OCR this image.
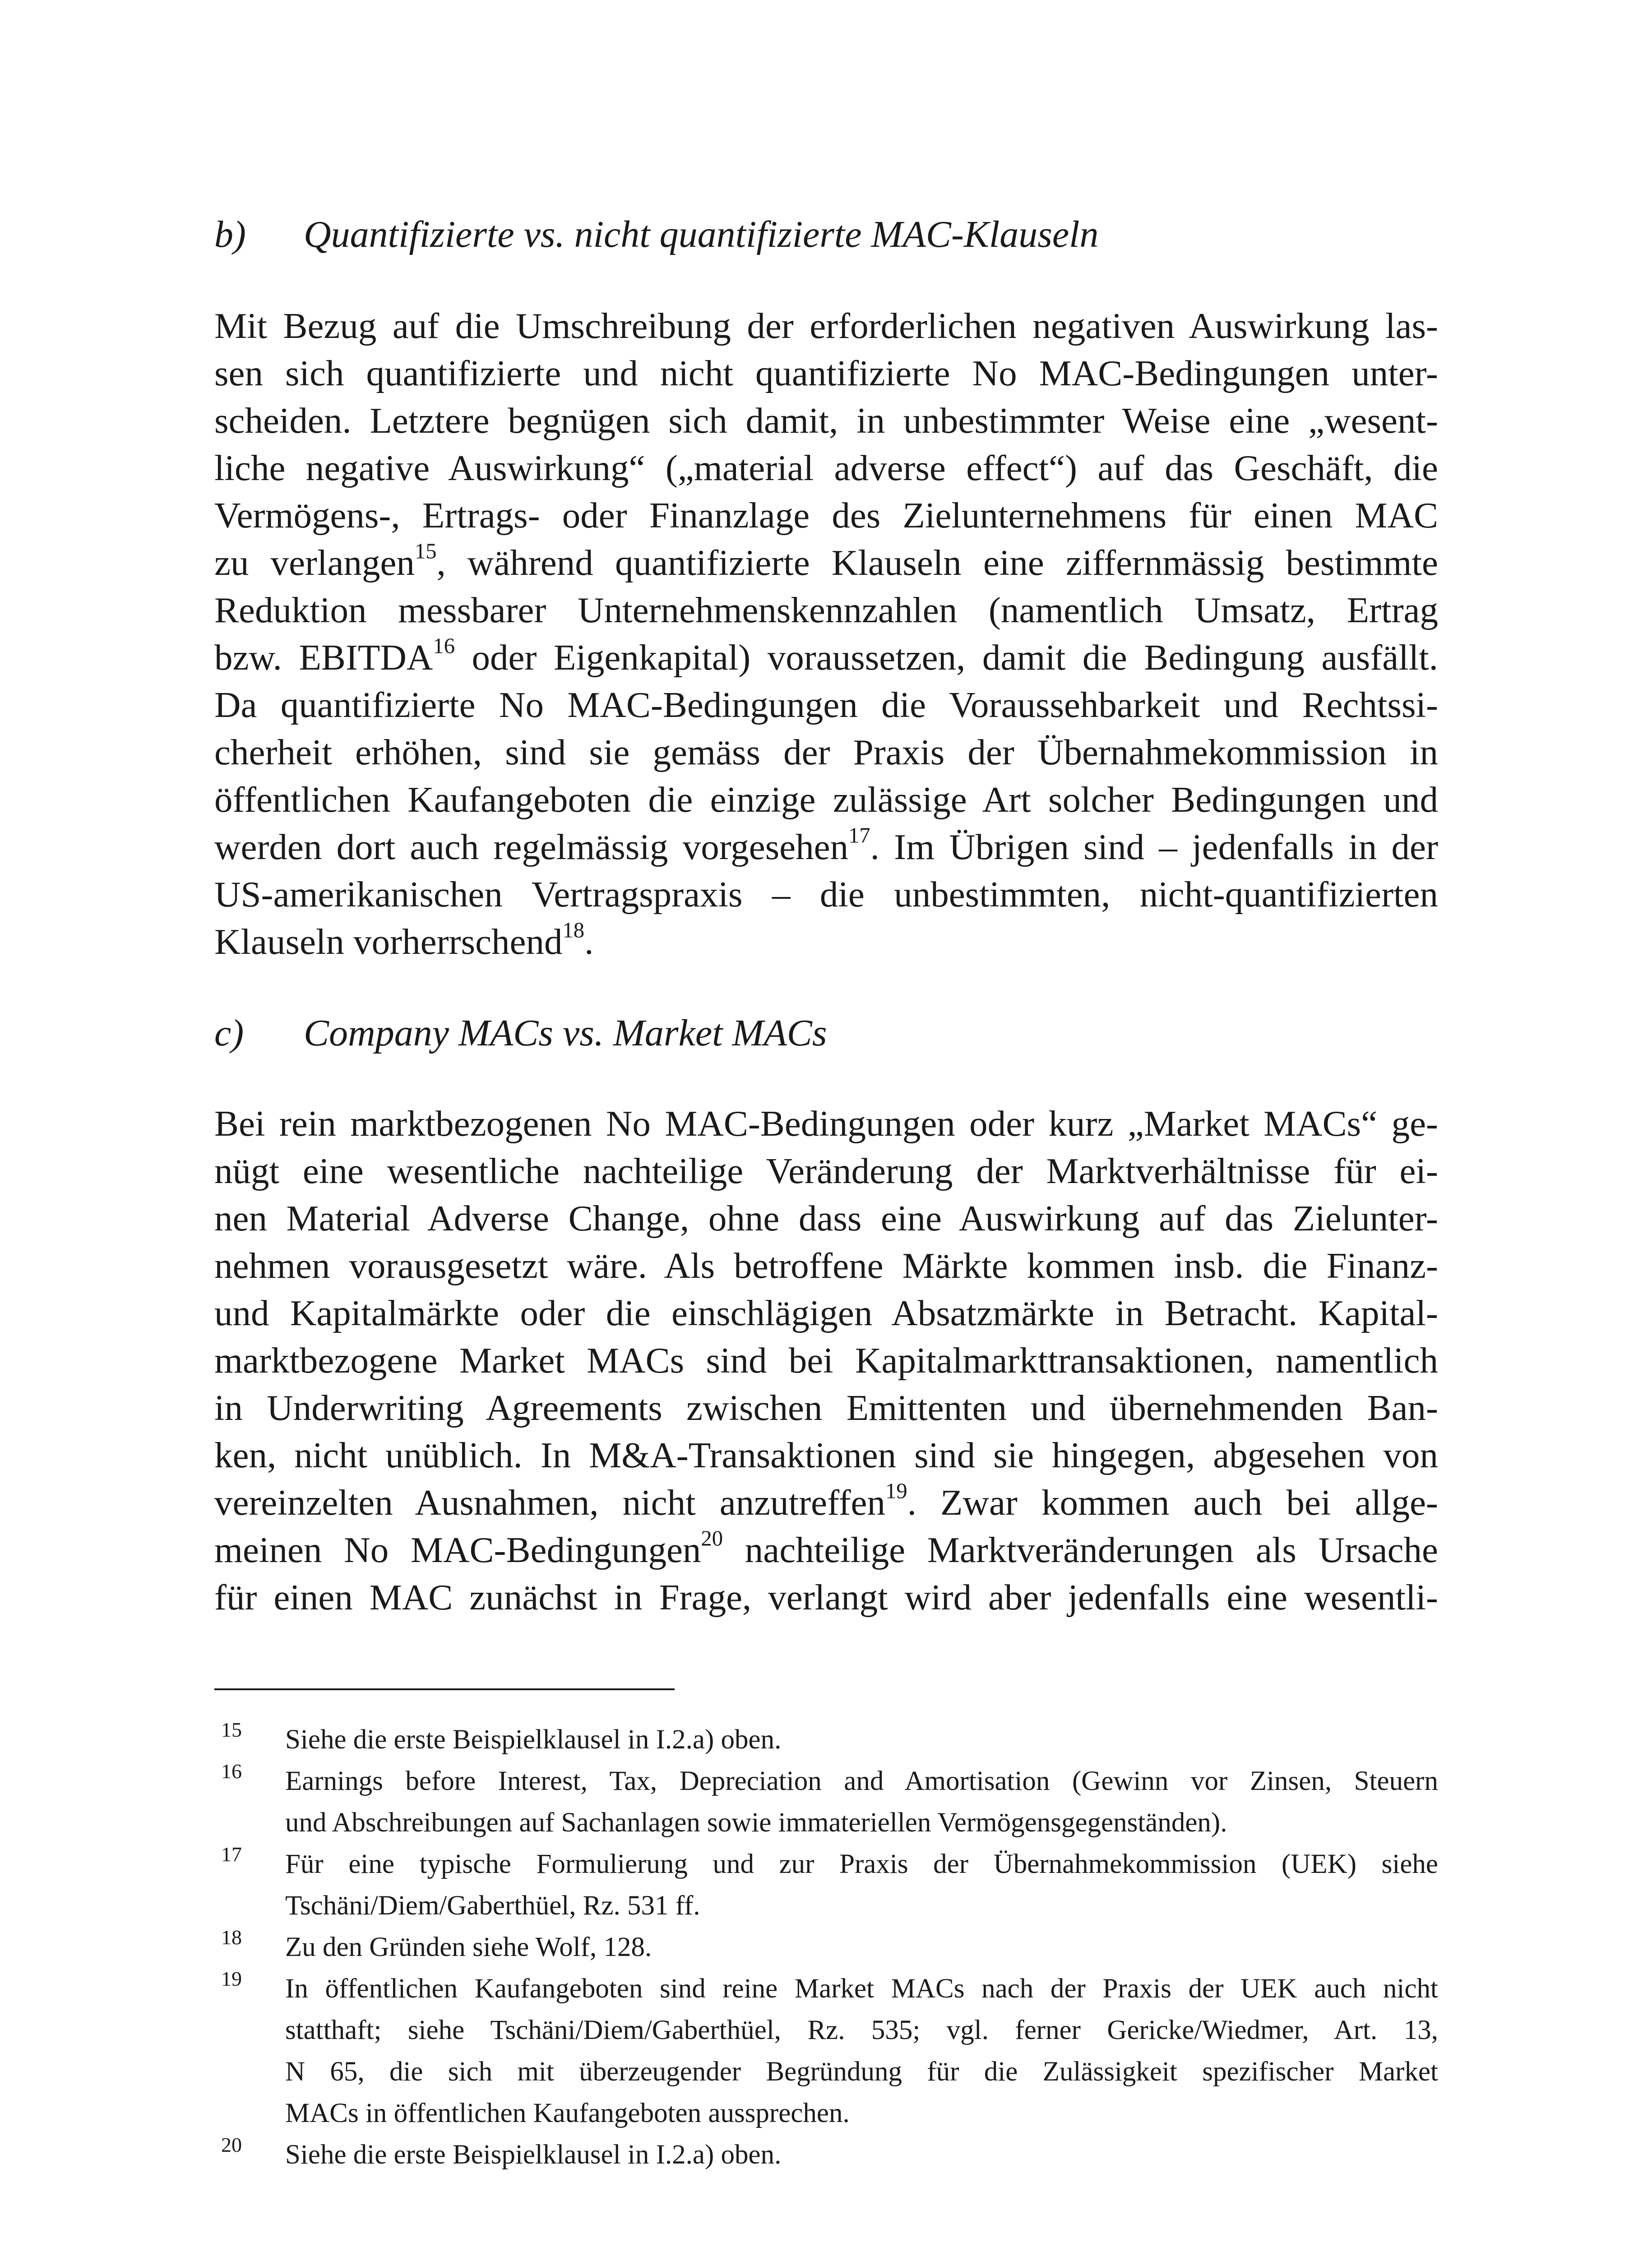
b) Quantifizierte vs. nicht quantifizierte MAC-Klauseln
Mit Bezug auf die Umschreibung der erforderlichen negativen Auswirkung las-
sen sich quantifizierte und nicht quantifizierte No MAC-Bedingungen unter-
scheiden. Letztere begnügen sich damit, in unbestimmter Weise eine „wesent-
liche negative Auswirkung“ („material adverse effect“) auf das Geschäft, die
Vermögens-, Ertrags- oder Finanzlage des Zielunternehmens für einen MAC
zu verlangen$^{15}$, während quantifizierte Klauseln eine ziffernmässig bestimmte
Reduktion messbarer Unternehmenskennzahlen (namentlich Umsatz, Ertrag
bzw. EBITDA$^{16}$ oder Eigenkapital) voraussetzen, damit die Bedingung ausfällt.
Da quantifizierte No MAC-Bedingungen die Voraussehbarkeit und Rechtssi-
cherheit erhöhen, sind sie gemäss der Praxis der Übernahmekommission in
öffentlichen Kaufangeboten die einzige zulässige Art solcher Bedingungen und
werden dort auch regelmässig vorgesehen$^{17}$. Im Übrigen sind – jedenfalls in der
US-amerikanischen Vertragspraxis – die unbestimmten, nicht-quantifizierten
Klauseln vorherrschend$^{18}$.
c) Company MACs vs. Market MACs
Bei rein marktbezogenen No MAC-Bedingungen oder kurz „Market MACs“ ge-
nügt eine wesentliche nachteilige Veränderung der Marktverhältnisse für ei-
nen Material Adverse Change, ohne dass eine Auswirkung auf das Zielunter-
nehmen vorausgesetzt wäre. Als betroffene Märkte kommen insb. die Finanz-
und Kapitalmärkte oder die einschlägigen Absatzmärkte in Betracht. Kapital-
marktbezogene Market MACs sind bei Kapitalmarkttransaktionen, namentlich
in Underwriting Agreements zwischen Emittenten und übernehmenden Ban-
ken, nicht unüblich. In M&A-Transaktionen sind sie hingegen, abgesehen von
vereinzelten Ausnahmen, nicht anzutreffen$^{19}$. Zwar kommen auch bei allge-
meinen No MAC-Bedingungen$^{20}$ nachteilige Marktveränderungen als Ursache
für einen MAC zunächst in Frage, verlangt wird aber jedenfalls eine wesentli-
15 Siehe die erste Beispielklausel in I.2.a) oben.
16 Earnings before Interest, Tax, Depreciation and Amortisation (Gewinn vor Zinsen, Steuern
und Abschreibungen auf Sachanlagen sowie immateriellen Vermögensgegenständen).
17 Für eine typische Formulierung und zur Praxis der Übernahmekommission (UEK) siehe
Tschäni/Diem/Gaberthüel, Rz. 531 ff.
18 Zu den Gründen siehe Wolf, 128.
19 In öffentlichen Kaufangeboten sind reine Market MACs nach der Praxis der UEK auch nicht
statthaft; siehe Tschäni/Diem/Gaberthüel, Rz. 535; vgl. ferner Gericke/Wiedmer, Art. 13,
N 65, die sich mit überzeugender Begründung für die Zulässigkeit spezifischer Market
MACs in öffentlichen Kaufangeboten aussprechen.
20 Siehe die erste Beispielklausel in I.2.a) oben.
